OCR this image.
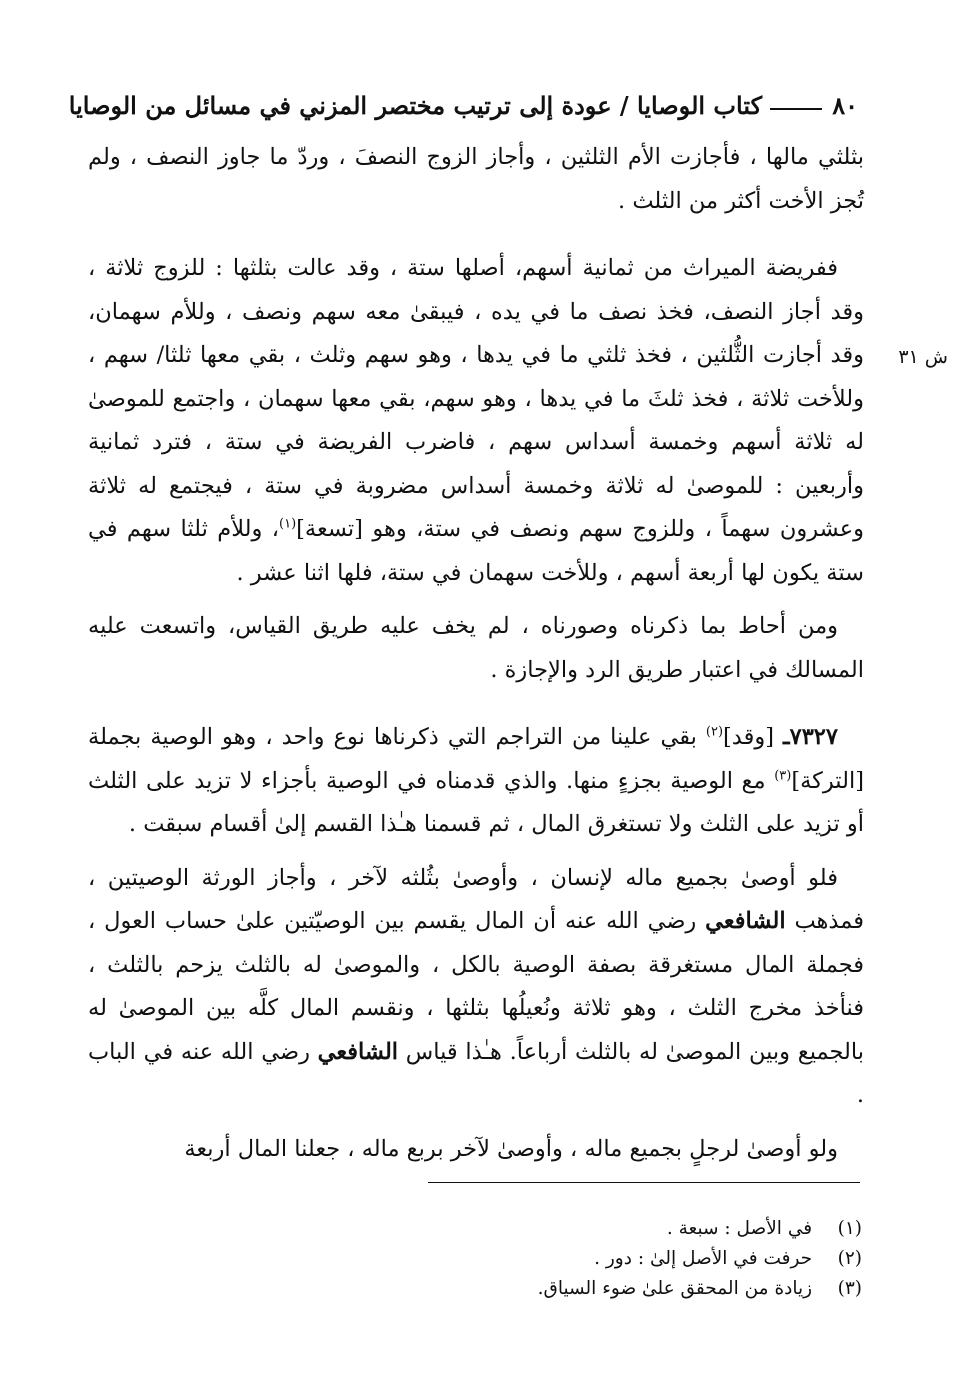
٨٠
كتاب الوصايا / عودة إلى ترتيب مختصر المزني في مسائل من الوصايا
ش ٣١

بثلثي مالها ، فأجازت الأم الثلثين ، وأجاز الزوج النصفَ ، وردّ ما جاوز النصف ، ولم تُجز الأخت أكثر من الثلث .

ففريضة الميراث من ثمانية أسهم، أصلها ستة ، وقد عالت بثلثها : للزوج ثلاثة ، وقد أجاز النصف، فخذ نصف ما في يده ، فيبقىٰ معه سهم ونصف ، وللأم سهمان، وقد أجازت الثُّلثين ، فخذ ثلثي ما في يدها ، وهو سهم وثلث ، بقي معها ثلثا/ سهم ، وللأخت ثلاثة ، فخذ ثلثَ ما في يدها ، وهو سهم، بقي معها سهمان ، واجتمع للموصىٰ له ثلاثة أسهم وخمسة أسداس سهم ، فاضرب الفريضة في ستة ، فترد ثمانية وأربعين : للموصىٰ له ثلاثة وخمسة أسداس مضروبة في ستة ، فيجتمع له ثلاثة وعشرون سهماً ، وللزوج سهم ونصف في ستة، وهو [تسعة]$^{(١)}$، وللأم ثلثا سهم في ستة يكون لها أربعة أسهم ، وللأخت سهمان في ستة، فلها اثنا عشر .

ومن أحاط بما ذكرناه وصورناه ، لم يخف عليه طريق القياس، واتسعت عليه المسالك في اعتبار طريق الرد والإجازة .

٧٣٢٧ـ [وقد]$^{(٢)}$ بقي علينا من التراجم التي ذكرناها نوع واحد ، وهو الوصية بجملة [التركة]$^{(٣)}$ مع الوصية بجزءٍ منها. والذي قدمناه في الوصية بأجزاء لا تزيد على الثلث أو تزيد على الثلث ولا تستغرق المال ، ثم قسمنا هـٰذا القسم إلىٰ أقسام سبقت .

فلو أوصىٰ بجميع ماله لإنسان ، وأوصىٰ بثُلثه لآخر ، وأجاز الورثة الوصيتين ، فمذهب الشافعي رضي الله عنه أن المال يقسم بين الوصيّتين علىٰ حساب العول ، فجملة المال مستغرقة بصفة الوصية بالكل ، والموصىٰ له بالثلث يزحم بالثلث ، فنأخذ مخرج الثلث ، وهو ثلاثة ونُعيلُها بثلثها ، ونقسم المال كلَّه بين الموصىٰ له بالجميع وبين الموصىٰ له بالثلث أرباعاً. هـٰذا قياس الشافعي رضي الله عنه في الباب .

ولو أوصىٰ لرجلٍ بجميع ماله ، وأوصىٰ لآخر بربع ماله ، جعلنا المال أربعة

(١) في الأصل : سبعة .
(٢) حرفت في الأصل إلىٰ : دور .
(٣) زيادة من المحقق علىٰ ضوء السياق.
